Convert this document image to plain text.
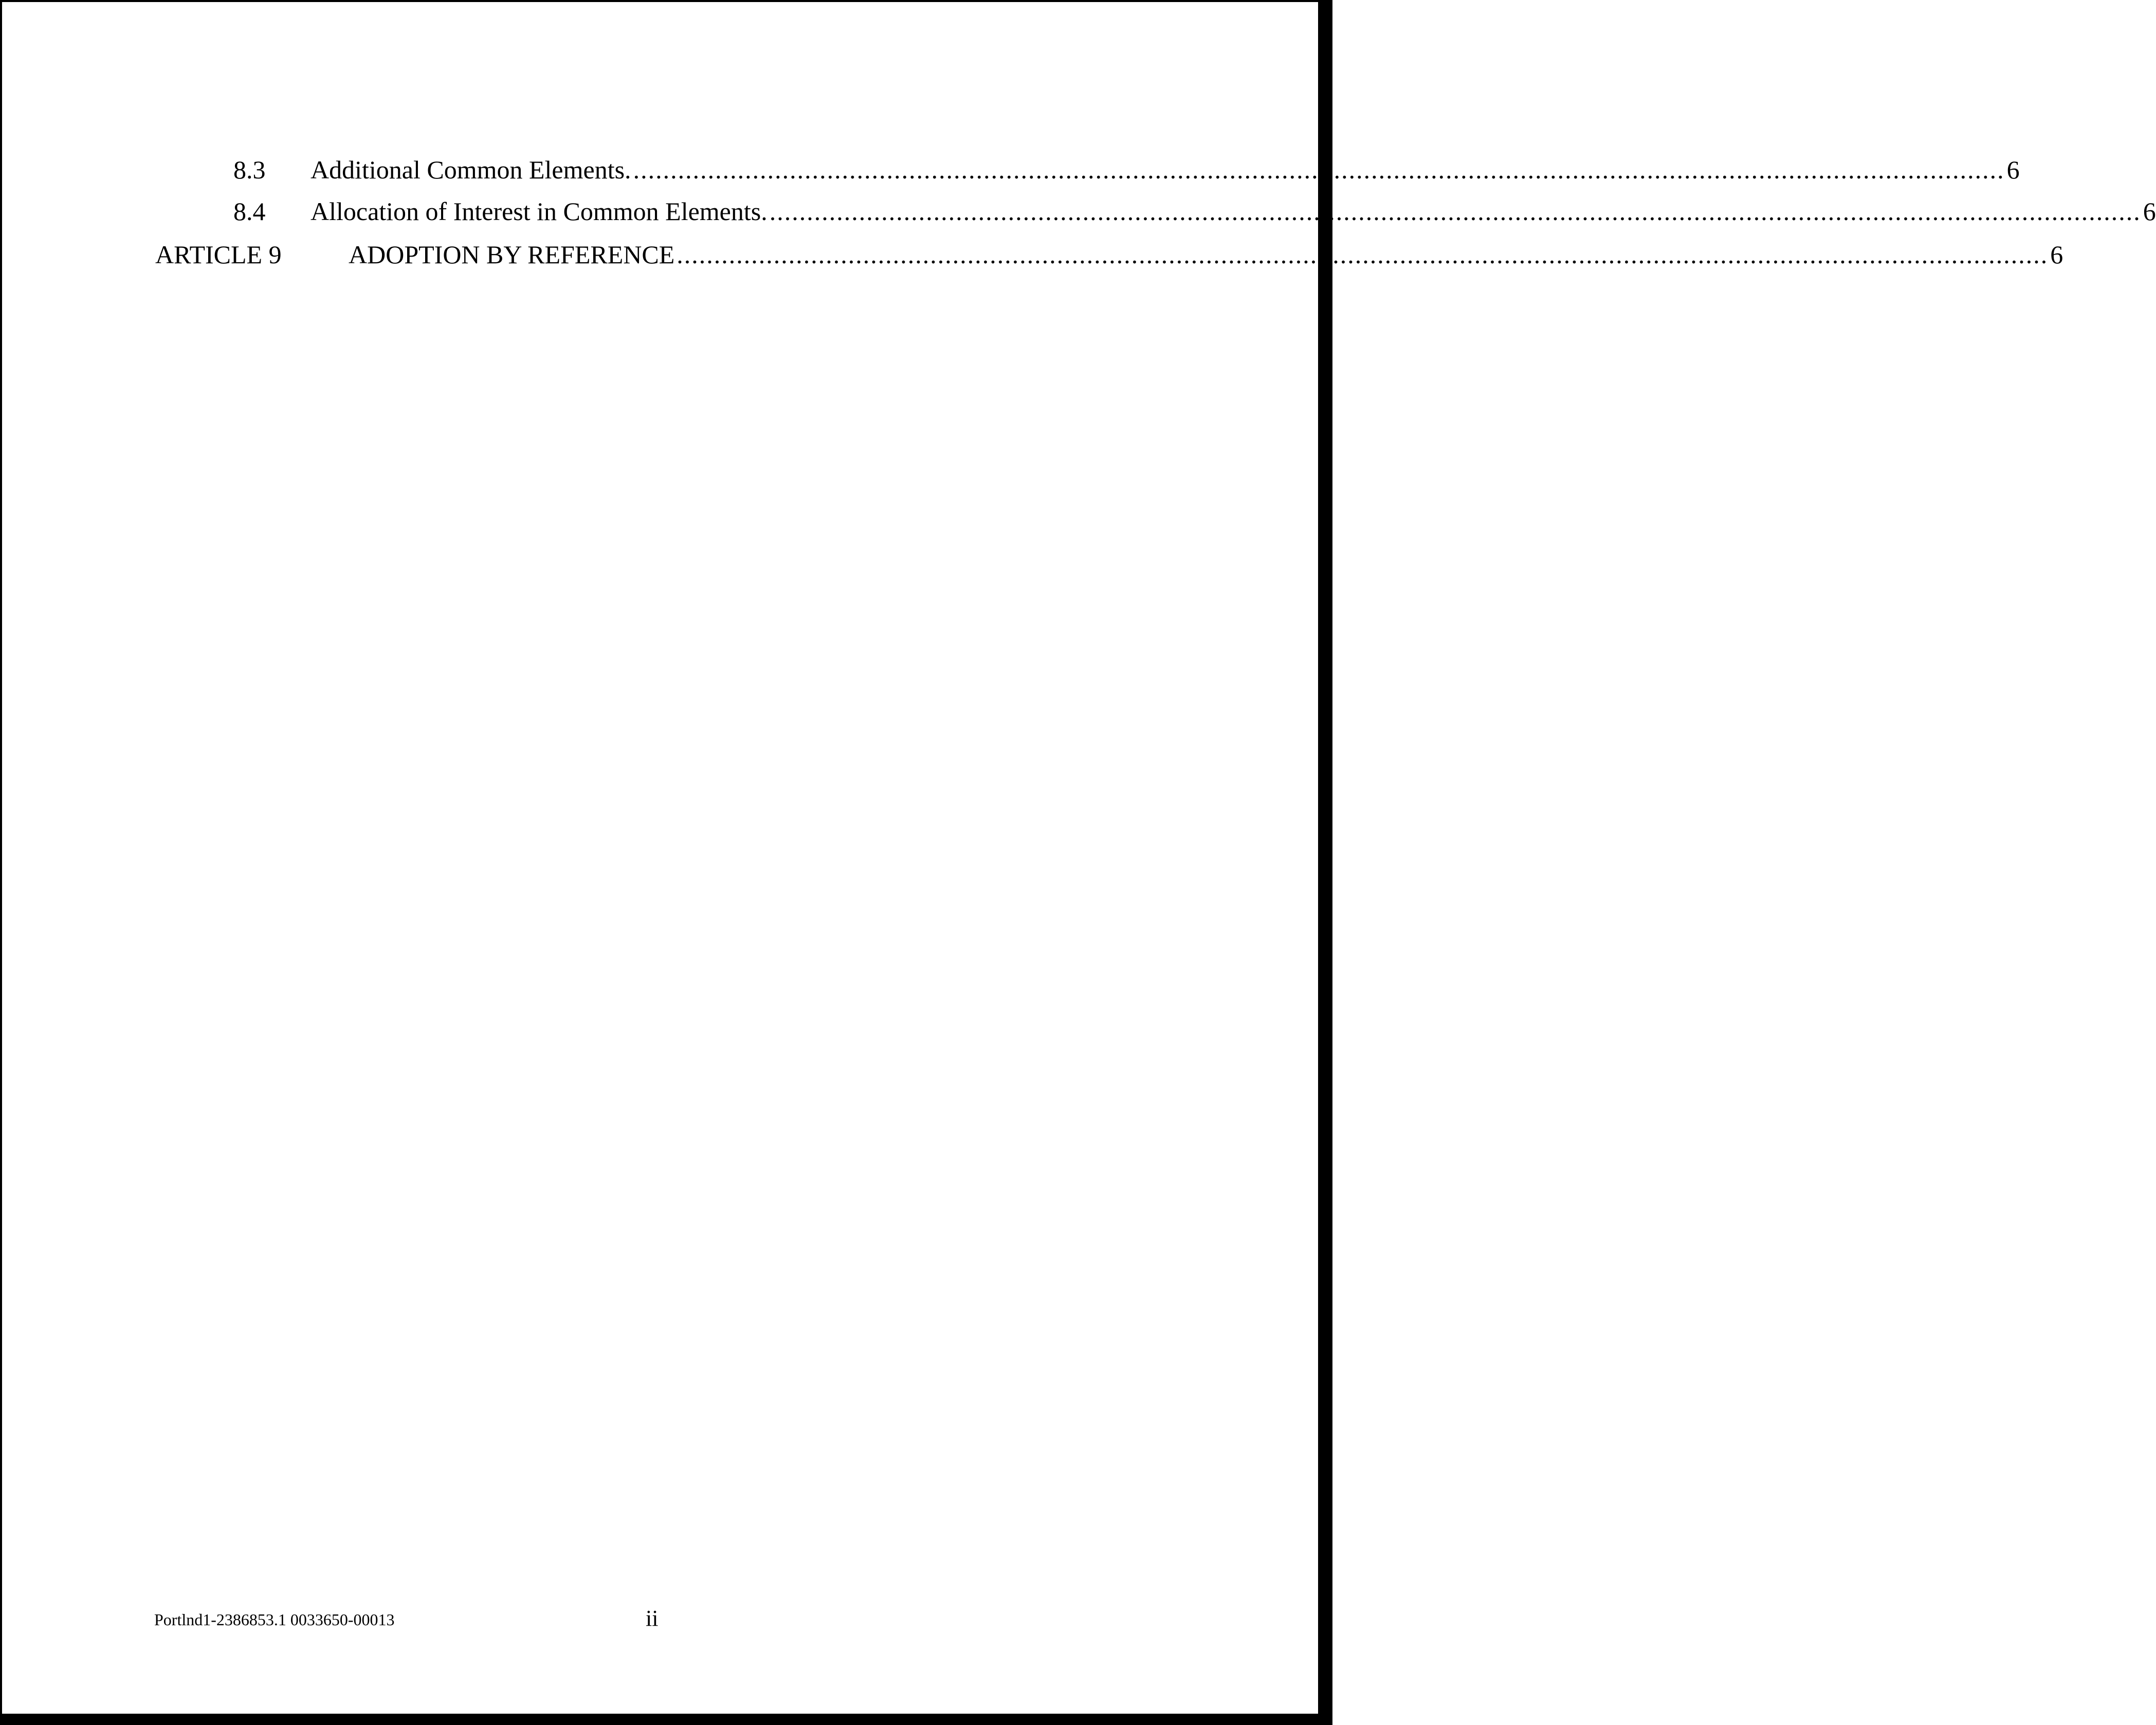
8.3 Additional Common Elements. ........................................................................................................................................................................................ 6
8.4 Allocation of Interest in Common Elements. ........................................................................................................................................................................................ 6
ARTICLE 9	ADOPTION BY REFERENCE ........................................................................................................................................................................................ 6
Portlnd1-2386853.1 0033650-00013	ii
